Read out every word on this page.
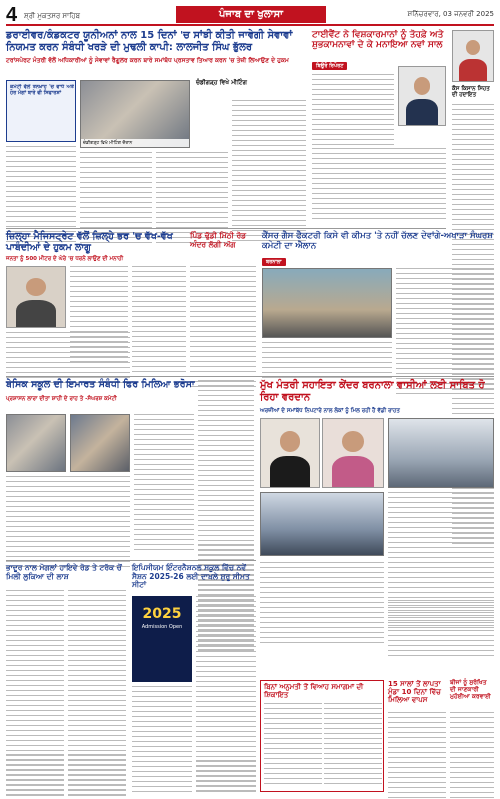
4 ਸ਼੍ਰੀ ਮੁਕਤਸਰ ਸਾਹਿਬ	ਪੰਜਾਬ ਦਾ ਖੁਲਾਸਾ	ਸ਼ਨਿੱਚਰਵਾਰ, 03 ਜਨਵਰੀ 2025
ਡਰਾਈਵਰ/ਕੰਡਕਟਰ ਯੂਨੀਅਨਾਂ ਨਾਲ 15 ਦਿਨਾਂ 'ਚ ਸਾਂਝੀ ਕੀਤੀ ਜਾਵੇਗੀ ਸੇਵਾਵਾਂ ਨਿਯਮਤ ਕਰਨ ਸੰਬੰਧੀ ਖਰੜੇ ਦੀ ਮੁਢਲੀ ਕਾਪੀ: ਲਾਲਜੀਤ ਸਿੰਘ ਭੁੱਲਰ
ਟਰਾਂਸਪੋਰਟ ਮੰਤਰੀ ਵੱਲੋਂ ਅਧਿਕਾਰੀਆਂ ਨੂੰ ਸੇਵਾਵਾਂ ਰੈਗੂਲਰ ਕਰਨ ਬਾਰੇ ਸਮਾਂਬੱਧ ਪ੍ਰਸਤਾਵ ਤਿਆਰ ਕਰਨ 'ਚ ਤੇਜ਼ੀ ਲਿਆਉਣ ਦੇ ਹੁਕਮ
ਕਮੇਟੀ ਵੱਲੋਂ ਤਨਖ਼ਾਹ 'ਚ ਵਾਧੇ ਅਤੇ ਹੋਰ ਮੰਗਾਂ ਬਾਰੇ ਵੀ ਸਿਫਾਰਸ਼ਾਂ
ਚੰਡੀਗੜ੍ਹ ਵਿਖੇ ਮੀਟਿੰਗ ਦੌਰਾਨ
ਚੰਡੀਗੜ੍ਹ ਵਿਖੇ ਮੀਟਿੰਗ
ਟਾਈਵੈਂਟ ਨੇ ਵਿਸ਼ਕਾਰਮਾਨਾਂ ਨੂੰ ਤੋਹਫ਼ੇ ਅਤੇ ਸ਼ੁਭਕਾਮਨਾਵਾਂ ਦੇ ਕੇ ਮਨਾਇਆ ਨਵਾਂ ਸਾਲ
ਬਿਊਰੋ ਰਿਪੋਰਟ
ਕੌਸ ਕਿਸਾਨ ਸਿਹਤ ਦੀ ਹਦਾਇਤ
ਜ਼ਿਲ੍ਹਾ ਮੈਜਿਸਟ੍ਰੇਟ ਵੱਲੋਂ ਜ਼ਿਲ੍ਹੇ ਭਰ 'ਚ ਵੱਖ-ਵੱਖ ਪਾਬੰਦੀਆਂ ਦੇ ਹੁਕਮ ਲਾਗੂ
ਜਨਤਾ ਨੂੰ 500 ਮੀਟਰ ਦੇ ਘੇਰੇ 'ਚ ਧਰਨੇ ਲਾਉਣ ਦੀ ਮਨਾਹੀ
ਪਿੰਡ ਢੁੱਡੀ ਮਿੱਠੀ ਰੋਡ ਅੰਦਰ ਲੱਗੀ ਅੱਗ
ਕੈਂਸਰ ਗੈਸ ਫੈਕਟਰੀ ਕਿਸੇ ਵੀ ਕੀਮਤ 'ਤੇ ਨਹੀਂ ਚੱਲਣ ਦੇਵਾਂਗੇ-ਅਖਾੜਾ ਸੰਘਰਸ਼ ਕਮੇਟੀ ਦਾ ਐਲਾਨ
ਬਰਨਾਲਾ
ਬੇਸਿਕ ਸਕੂਲ ਦੀ ਇਮਾਰਤ ਸੰਬੰਧੀ ਫਿਰ ਮਿਲਿਆ ਭਰੋਸਾ
ਪ੍ਰਸ਼ਾਸਨ ਲਾਰਾ ਦੀਤਾ ਸ਼ਾਹੀ ਦੇ ਰਾਹ ਤੇ -ਸੰਘਰਸ਼ ਕਮੇਟੀ
ਮੁੱਖ ਮੰਤਰੀ ਸਹਾਇਤਾ ਕੇਂਦਰ ਬਰਨਾਲਾ ਵਾਸੀਆਂ ਲਈ ਸਾਬਿਤ ਹੋ ਰਿਹਾ ਵਰਦਾਨ
ਅਰਜ਼ੀਆਂ ਦੇ ਸਮਾਂਬੱਧ ਨਿਪਟਾਰੇ ਨਾਲ ਲੋਕਾਂ ਨੂੰ ਮਿਲ ਰਹੀ ਹੈ ਵੱਡੀ ਰਾਹਤ
ਭਾਦੂਰ ਨਾਲ ਮੋਗਲਾਂ ਹਾਇਵੇ ਰੋਡ ਤੇ ਟਰੱਕ ਚੋਂ ਮਿਲੀ ਲੁਕਿਆ ਦੀ ਲਾਸ਼
ਇਪਿਸੀਯਮ ਇੰਟਰਨੈਸ਼ਨਲ ਸਕੂਲ ਵਿੱਚ ਨਵੇਂ ਸੈਸ਼ਨ 2025-26 ਲਈ ਦਾਖ਼ਲੇ ਸ਼ੁਰੂ ਸੀਮਤ ਸੀਟਾਂ
2025
Admission Open
ਬਿਨਾਂ ਅਨੁਮਤੀ ਤੋਂ ਵਿਆਹ ਸਮਾਗਮਾਂ ਦੀ ਸ਼ਿਕਾਇਤ
15 ਸਾਲਾਂ ਤੋਂ ਲਾਪਤਾ ਮੁੰਡਾ 10 ਦਿਨਾਂ ਵਿੱਚ ਮਿਲਿਆ ਵਾਪਸ
ਬੀਜਾਂ ਨੂੰ ਸੁਰੱਖਿਤ ਦੀ ਜਾਣਕਾਰੀ ਮੁਹੱਈਆ ਕਰਵਾਈ
